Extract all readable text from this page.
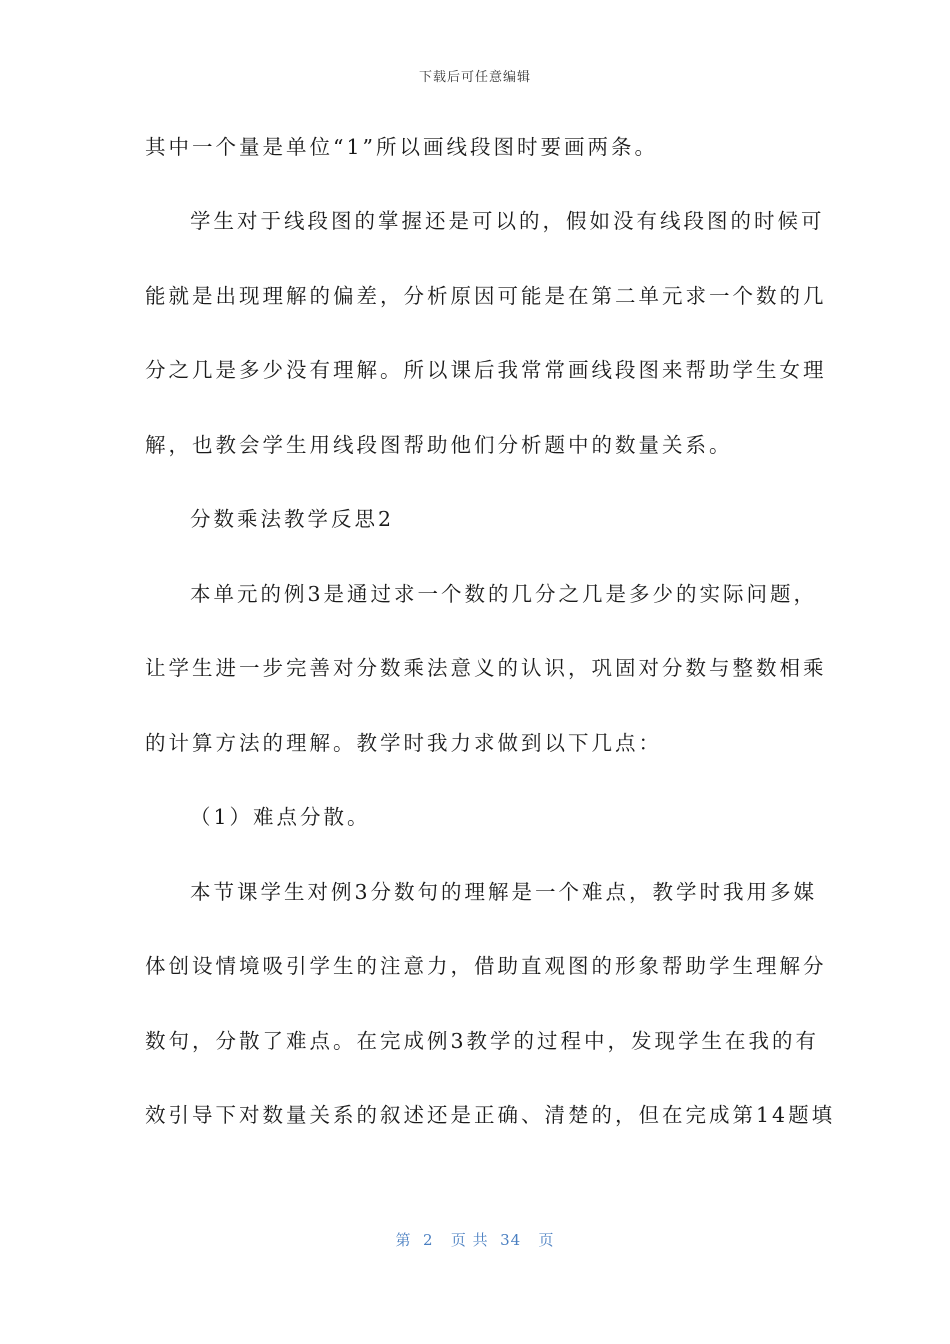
下载后可任意编辑
其中一个量是单位“1”所以画线段图时要画两条。
学生对于线段图的掌握还是可以的，假如没有线段图的时候可
能就是出现理解的偏差，分析原因可能是在第二单元求一个数的几
分之几是多少没有理解。所以课后我常常画线段图来帮助学生女理
解，也教会学生用线段图帮助他们分析题中的数量关系。
分数乘法教学反思2
本单元的例3是通过求一个数的几分之几是多少的实际问题，
让学生进一步完善对分数乘法意义的认识，巩固对分数与整数相乘
的计算方法的理解。教学时我力求做到以下几点：
（1）难点分散。
本节课学生对例3分数句的理解是一个难点，教学时我用多媒
体创设情境吸引学生的注意力，借助直观图的形象帮助学生理解分
数句，分散了难点。在完成例3教学的过程中，发现学生在我的有
效引导下对数量关系的叙述还是正确、清楚的，但在完成第14题填
第  2   页 共  34   页
